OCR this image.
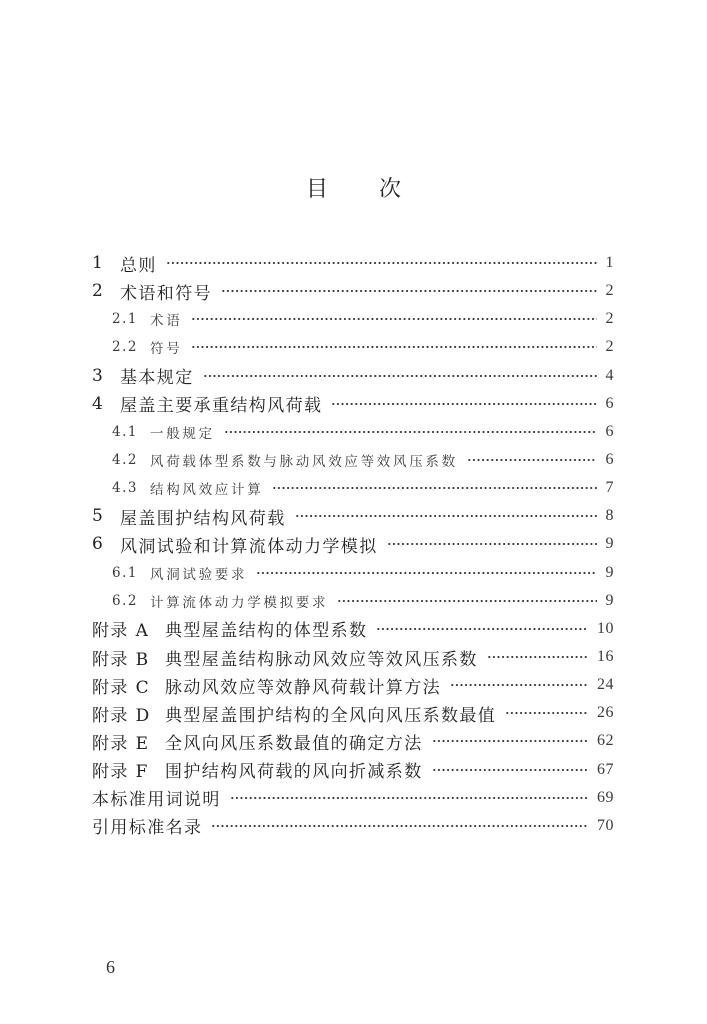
目 次
1 总则	1
2 术语和符号	2
2.1 术语	2
2.2 符号	2
3 基本规定	4
4 屋盖主要承重结构风荷载	6
4.1 一般规定	6
4.2 风荷载体型系数与脉动风效应等效风压系数	6
4.3 结构风效应计算	7
5 屋盖围护结构风荷载	8
6 风洞试验和计算流体动力学模拟	9
6.1 风洞试验要求	9
6.2 计算流体动力学模拟要求	9
附录 A 典型屋盖结构的体型系数	10
附录 B 典型屋盖结构脉动风效应等效风压系数	16
附录 C 脉动风效应等效静风荷载计算方法	24
附录 D 典型屋盖围护结构的全风向风压系数最值	26
附录 E 全风向风压系数最值的确定方法	62
附录 F 围护结构风荷载的风向折减系数	67
本标准用词说明	69
引用标准名录	70
6
